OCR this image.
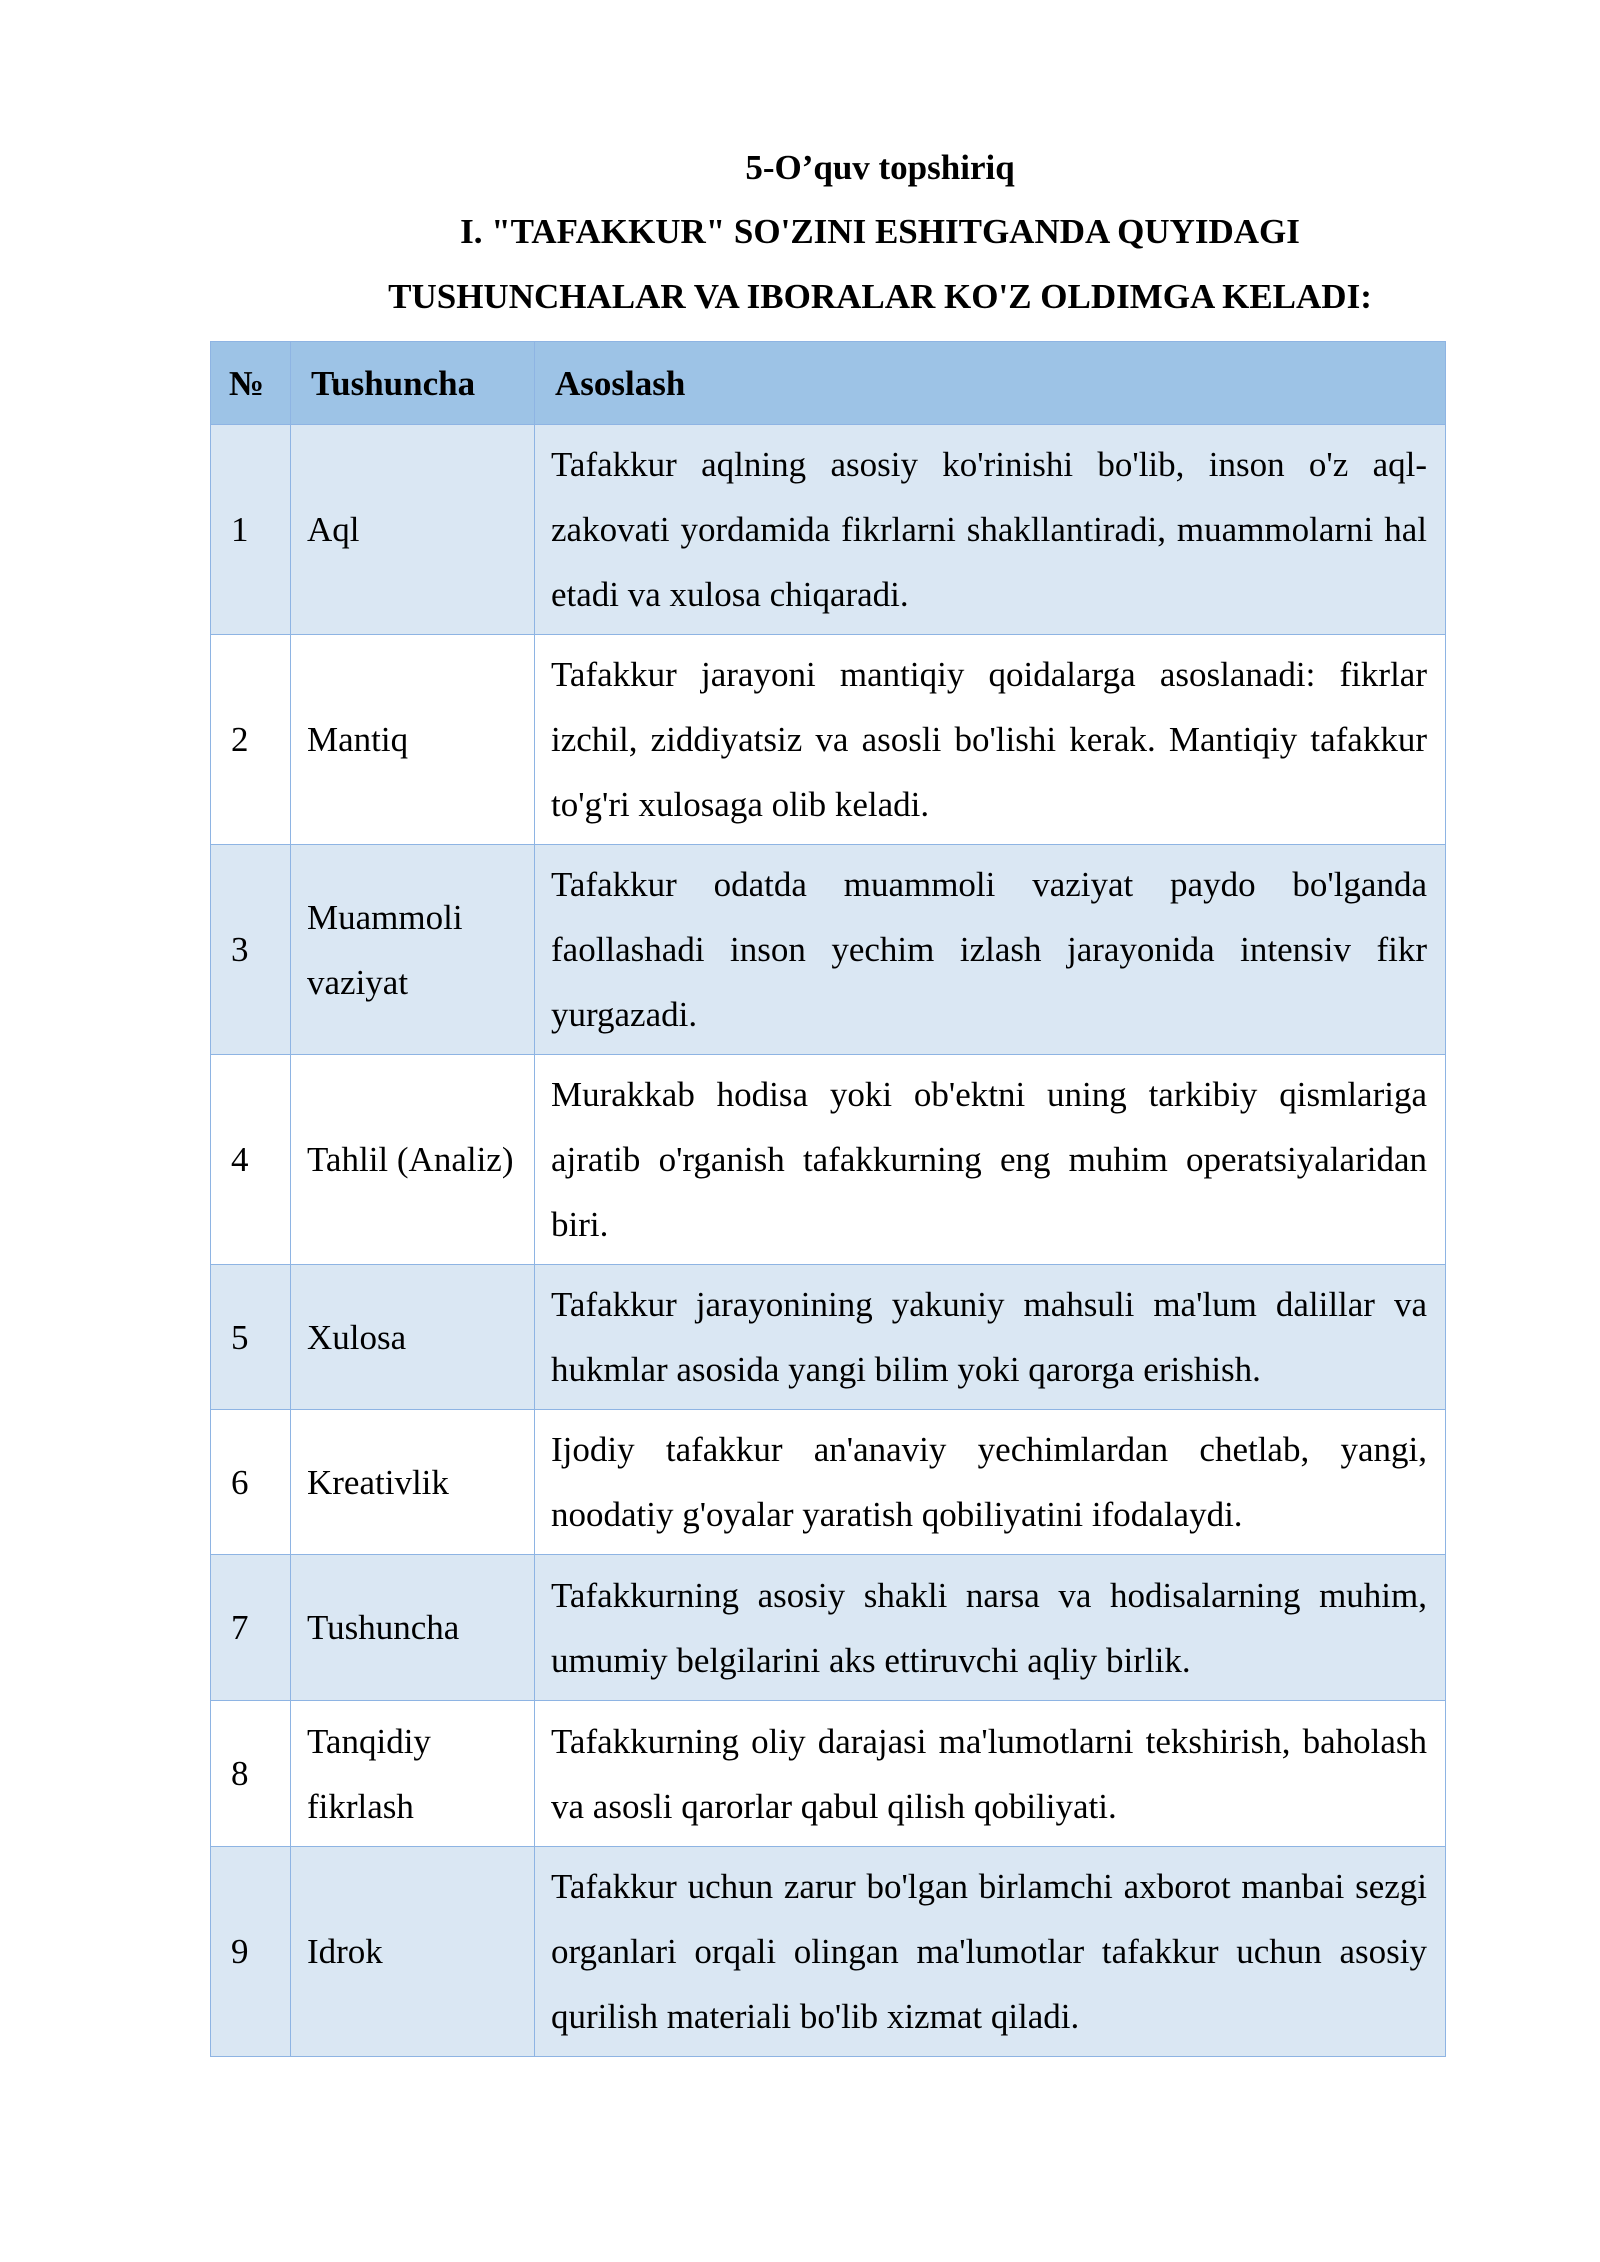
5-O’quv topshiriq
I. "TAFAKKUR" SO'ZINI ESHITGANDA QUYIDAGI
TUSHUNCHALAR VA IBORALAR KO'Z OLDIMGA KELADI:
№	Tushuncha	Asoslash
1	Aql	Tafakkur aqlning asosiy ko'rinishi bo'lib, inson o'z aql-zakovati yordamida fikrlarni shakllantiradi, muammolarni hal etadi va xulosa chiqaradi.
2	Mantiq	Tafakkur jarayoni mantiqiy qoidalarga asoslanadi: fikrlar izchil, ziddiyatsiz va asosli bo'lishi kerak. Mantiqiy tafakkur to'g'ri xulosaga olib keladi.
3	Muammoli vaziyat	Tafakkur odatda muammoli vaziyat paydo bo'lganda faollashadi inson yechim izlash jarayonida intensiv fikr yurgazadi.
4	Tahlil (Analiz)	Murakkab hodisa yoki ob'ektni uning tarkibiy qismlariga ajratib o'rganish tafakkurning eng muhim operatsiyalaridan biri.
5	Xulosa	Tafakkur jarayonining yakuniy mahsuli ma'lum dalillar va hukmlar asosida yangi bilim yoki qarorga erishish.
6	Kreativlik	Ijodiy tafakkur an'anaviy yechimlardan chetlab, yangi, noodatiy g'oyalar yaratish qobiliyatini ifodalaydi.
7	Tushuncha	Tafakkurning asosiy shakli narsa va hodisalarning muhim, umumiy belgilarini aks ettiruvchi aqliy birlik.
8	Tanqidiy fikrlash	Tafakkurning oliy darajasi ma'lumotlarni tekshirish, baholash va asosli qarorlar qabul qilish qobiliyati.
9	Idrok	Tafakkur uchun zarur bo'lgan birlamchi axborot manbai sezgi organlari orqali olingan ma'lumotlar tafakkur uchun asosiy qurilish materiali bo'lib xizmat qiladi.
